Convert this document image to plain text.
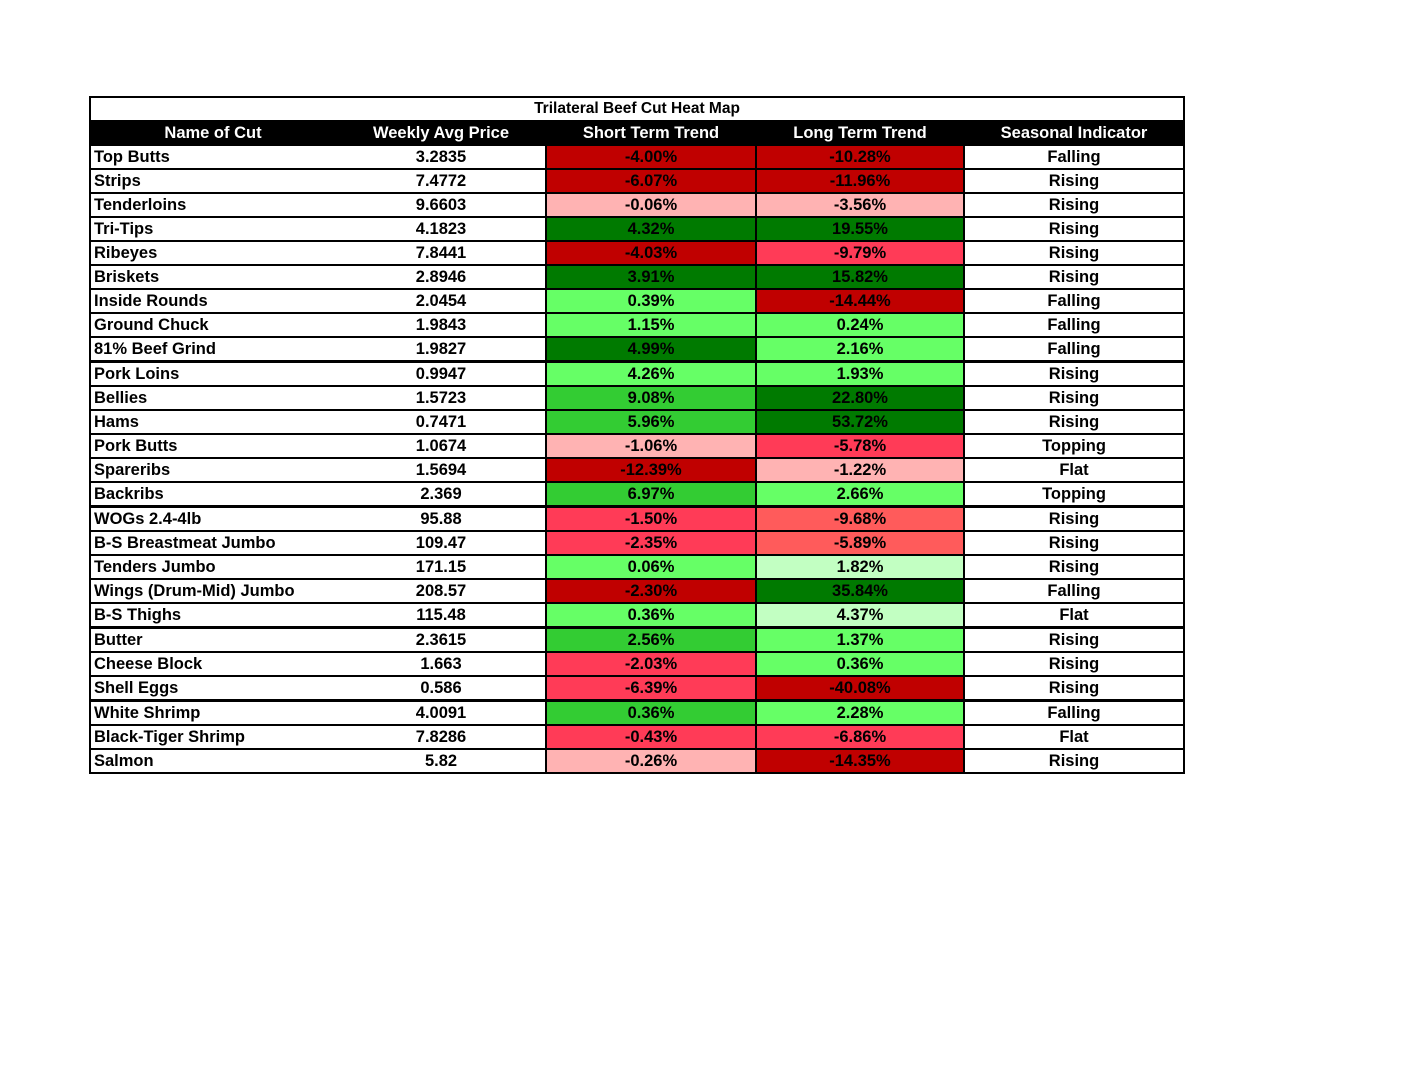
Trilateral Beef Cut Heat Map				
Name of Cut	Weekly Avg Price	Short Term Trend	Long Term Trend	Seasonal Indicator
Top Butts	3.2835	-4.00%	-10.28%	Falling
Strips	7.4772	-6.07%	-11.96%	Rising
Tenderloins	9.6603	-0.06%	-3.56%	Rising
Tri-Tips	4.1823	4.32%	19.55%	Rising
Ribeyes	7.8441	-4.03%	-9.79%	Rising
Briskets	2.8946	3.91%	15.82%	Rising
Inside Rounds	2.0454	0.39%	-14.44%	Falling
Ground Chuck	1.9843	1.15%	0.24%	Falling
81% Beef Grind	1.9827	4.99%	2.16%	Falling
Pork Loins	0.9947	4.26%	1.93%	Rising
Bellies	1.5723	9.08%	22.80%	Rising
Hams	0.7471	5.96%	53.72%	Rising
Pork Butts	1.0674	-1.06%	-5.78%	Topping
Spareribs	1.5694	-12.39%	-1.22%	Flat
Backribs	2.369	6.97%	2.66%	Topping
WOGs 2.4-4lb	95.88	-1.50%	-9.68%	Rising
B-S Breastmeat Jumbo	109.47	-2.35%	-5.89%	Rising
Tenders Jumbo	171.15	0.06%	1.82%	Rising
Wings (Drum-Mid) Jumbo	208.57	-2.30%	35.84%	Falling
B-S Thighs	115.48	0.36%	4.37%	Flat
Butter	2.3615	2.56%	1.37%	Rising
Cheese Block	1.663	-2.03%	0.36%	Rising
Shell Eggs	0.586	-6.39%	-40.08%	Rising
White Shrimp	4.0091	0.36%	2.28%	Falling
Black-Tiger Shrimp	7.8286	-0.43%	-6.86%	Flat
Salmon	5.82	-0.26%	-14.35%	Rising
